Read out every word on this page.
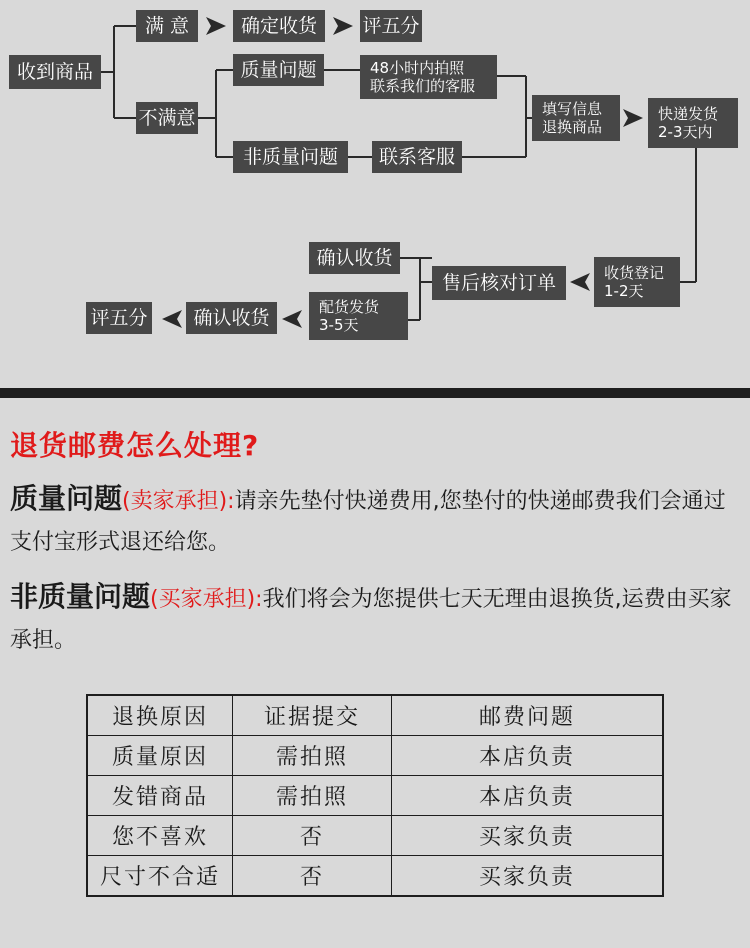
收到商品
满 意	确定收货	评五分
不满意
质量问题	48小时内拍照
联系我们的客服
非质量问题	联系客服
填写信息
退换商品
快递发货
2-3天内
收货登记
1-2天
售后核对订单
确认收货
配货发货
3-5天
确认收货
评五分
退货邮费怎么处理?
质量问题(卖家承担):请亲先垫付快递费用,您垫付的快递邮费我们会通过支付宝形式退还给您。
非质量问题(买家承担):我们将会为您提供七天无理由退换货,运费由买家承担。
退换原因	证据提交	邮费问题
质量原因	需拍照	本店负责
发错商品	需拍照	本店负责
您不喜欢	否	买家负责
尺寸不合适	否	买家负责
